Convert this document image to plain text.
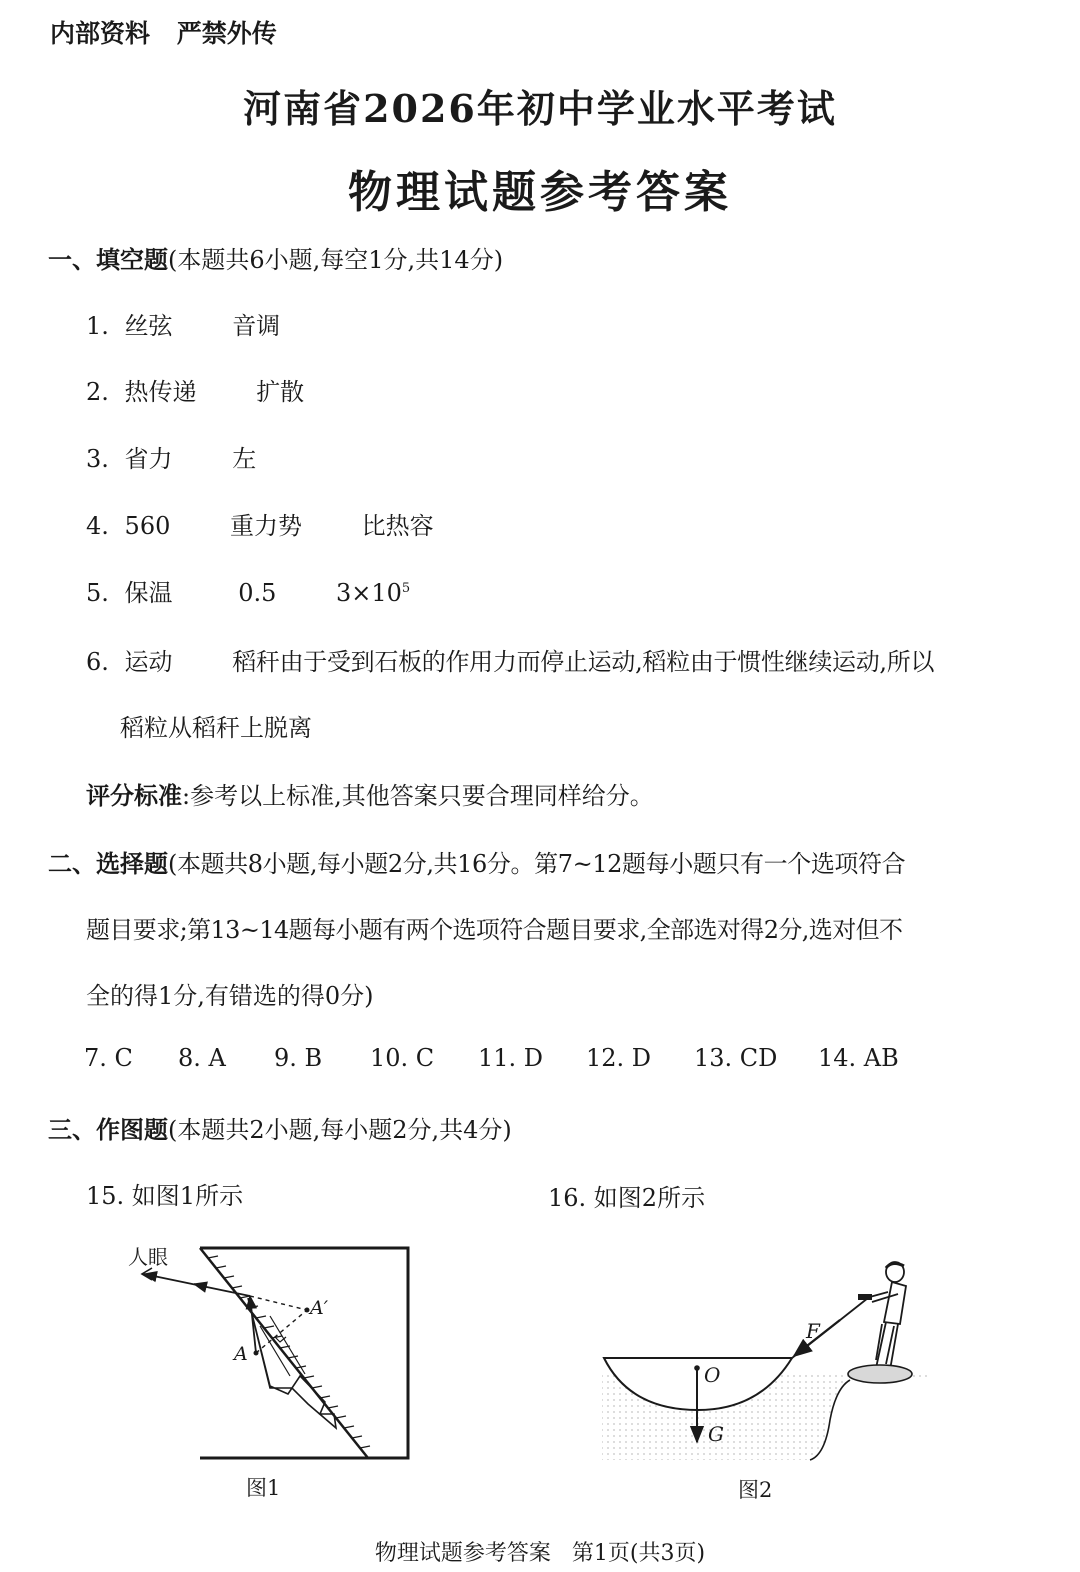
内部资料 严禁外传
河南省2026年初中学业水平考试
物理试题参考答案
一、填空题(本题共6小题,每空1分,共14分)
1. 丝弦 音调
2. 热传递 扩散
3. 省力 左
4. 560 重力势 比热容
5. 保温	0.5 $3\times 10^5$
6. 运动 稻秆由于受到石板的作用力而停止运动,稻粒由于惯性继续运动,所以
稻粒从稻秆上脱离
评分标准:参考以上标准,其他答案只要合理同样给分。
二、选择题(本题共8小题,每小题2分,共16分。第7~12题每小题只有一个选项符合
题目要求;第13~14题每小题有两个选项符合题目要求,全部选对得2分,选对但不
全的得1分,有错选的得0分)
7. C 8. A 9. B 10. C 11. D 12. D 13. CD 14. AB
三、作图题(本题共2小题,每小题2分,共4分)
15. 如图1所示	16. 如图2所示
人眼
A
A′
图1
O
G
F
图2
物理试题参考答案 第1页(共3页)
